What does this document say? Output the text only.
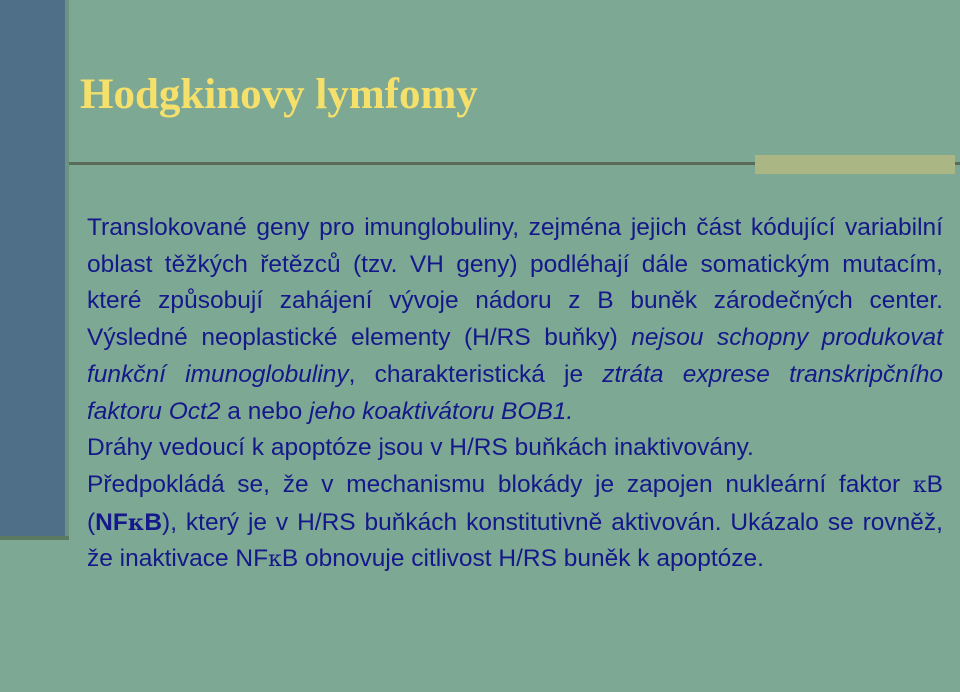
Hodgkinovy lymfomy

Translokované geny pro imunglobuliny, zejména jejich část kódující variabilní oblast těžkých řetězců (tzv. VH geny) podléhají dále somatickým mutacím, které způsobují zahájení vývoje nádoru z B buněk zárodečných center. Výsledné neoplastické elementy (H/RS buňky) nejsou schopny produkovat funkční imunoglobuliny, charakteristická je ztráta exprese transkripčního faktoru Oct2 a nebo jeho koaktivátoru BOB1.

Dráhy vedoucí k apoptóze jsou v H/RS buňkách inaktivovány.

Předpokládá se, že v mechanismu blokády je zapojen nukleární faktor κB (NFκB), který je v H/RS buňkách konstitutivně aktivován. Ukázalo se rovněž, že inaktivace NFκB obnovuje citlivost H/RS buněk k apoptóze.
